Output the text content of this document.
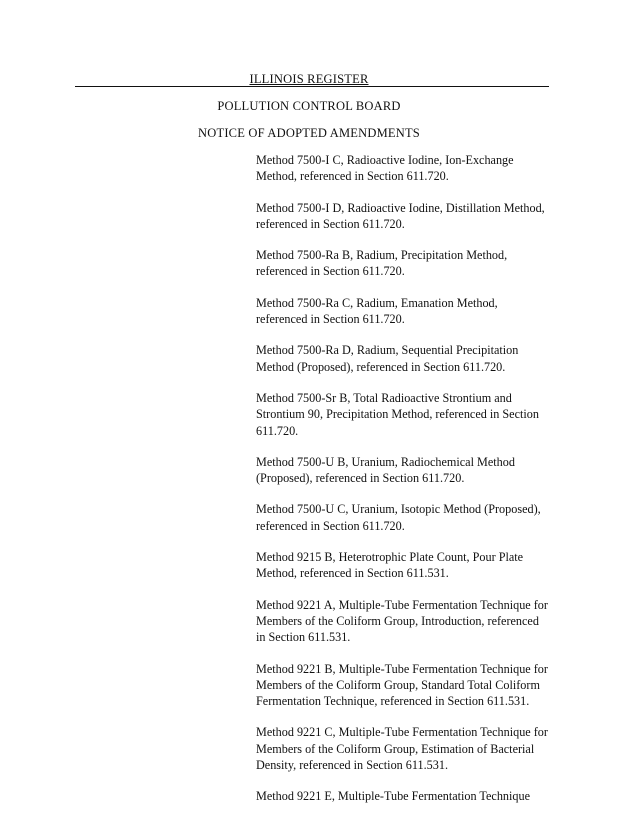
ILLINOIS REGISTER
POLLUTION CONTROL BOARD
NOTICE OF ADOPTED AMENDMENTS
Method 7500-I C, Radioactive Iodine, Ion-Exchange Method, referenced in Section 611.720.
Method 7500-I D, Radioactive Iodine, Distillation Method, referenced in Section 611.720.
Method 7500-Ra B, Radium, Precipitation Method, referenced in Section 611.720.
Method 7500-Ra C, Radium, Emanation Method, referenced in Section 611.720.
Method 7500-Ra D, Radium, Sequential Precipitation Method (Proposed), referenced in Section 611.720.
Method 7500-Sr B, Total Radioactive Strontium and Strontium 90, Precipitation Method, referenced in Section 611.720.
Method 7500-U B, Uranium, Radiochemical Method (Proposed), referenced in Section 611.720.
Method 7500-U C, Uranium, Isotopic Method (Proposed), referenced in Section 611.720.
Method 9215 B, Heterotrophic Plate Count, Pour Plate Method, referenced in Section 611.531.
Method 9221 A, Multiple-Tube Fermentation Technique for Members of the Coliform Group, Introduction, referenced in Section 611.531.
Method 9221 B, Multiple-Tube Fermentation Technique for Members of the Coliform Group, Standard Total Coliform Fermentation Technique, referenced in Section 611.531.
Method 9221 C, Multiple-Tube Fermentation Technique for Members of the Coliform Group, Estimation of Bacterial Density, referenced in Section 611.531.
Method 9221 E, Multiple-Tube Fermentation Technique
